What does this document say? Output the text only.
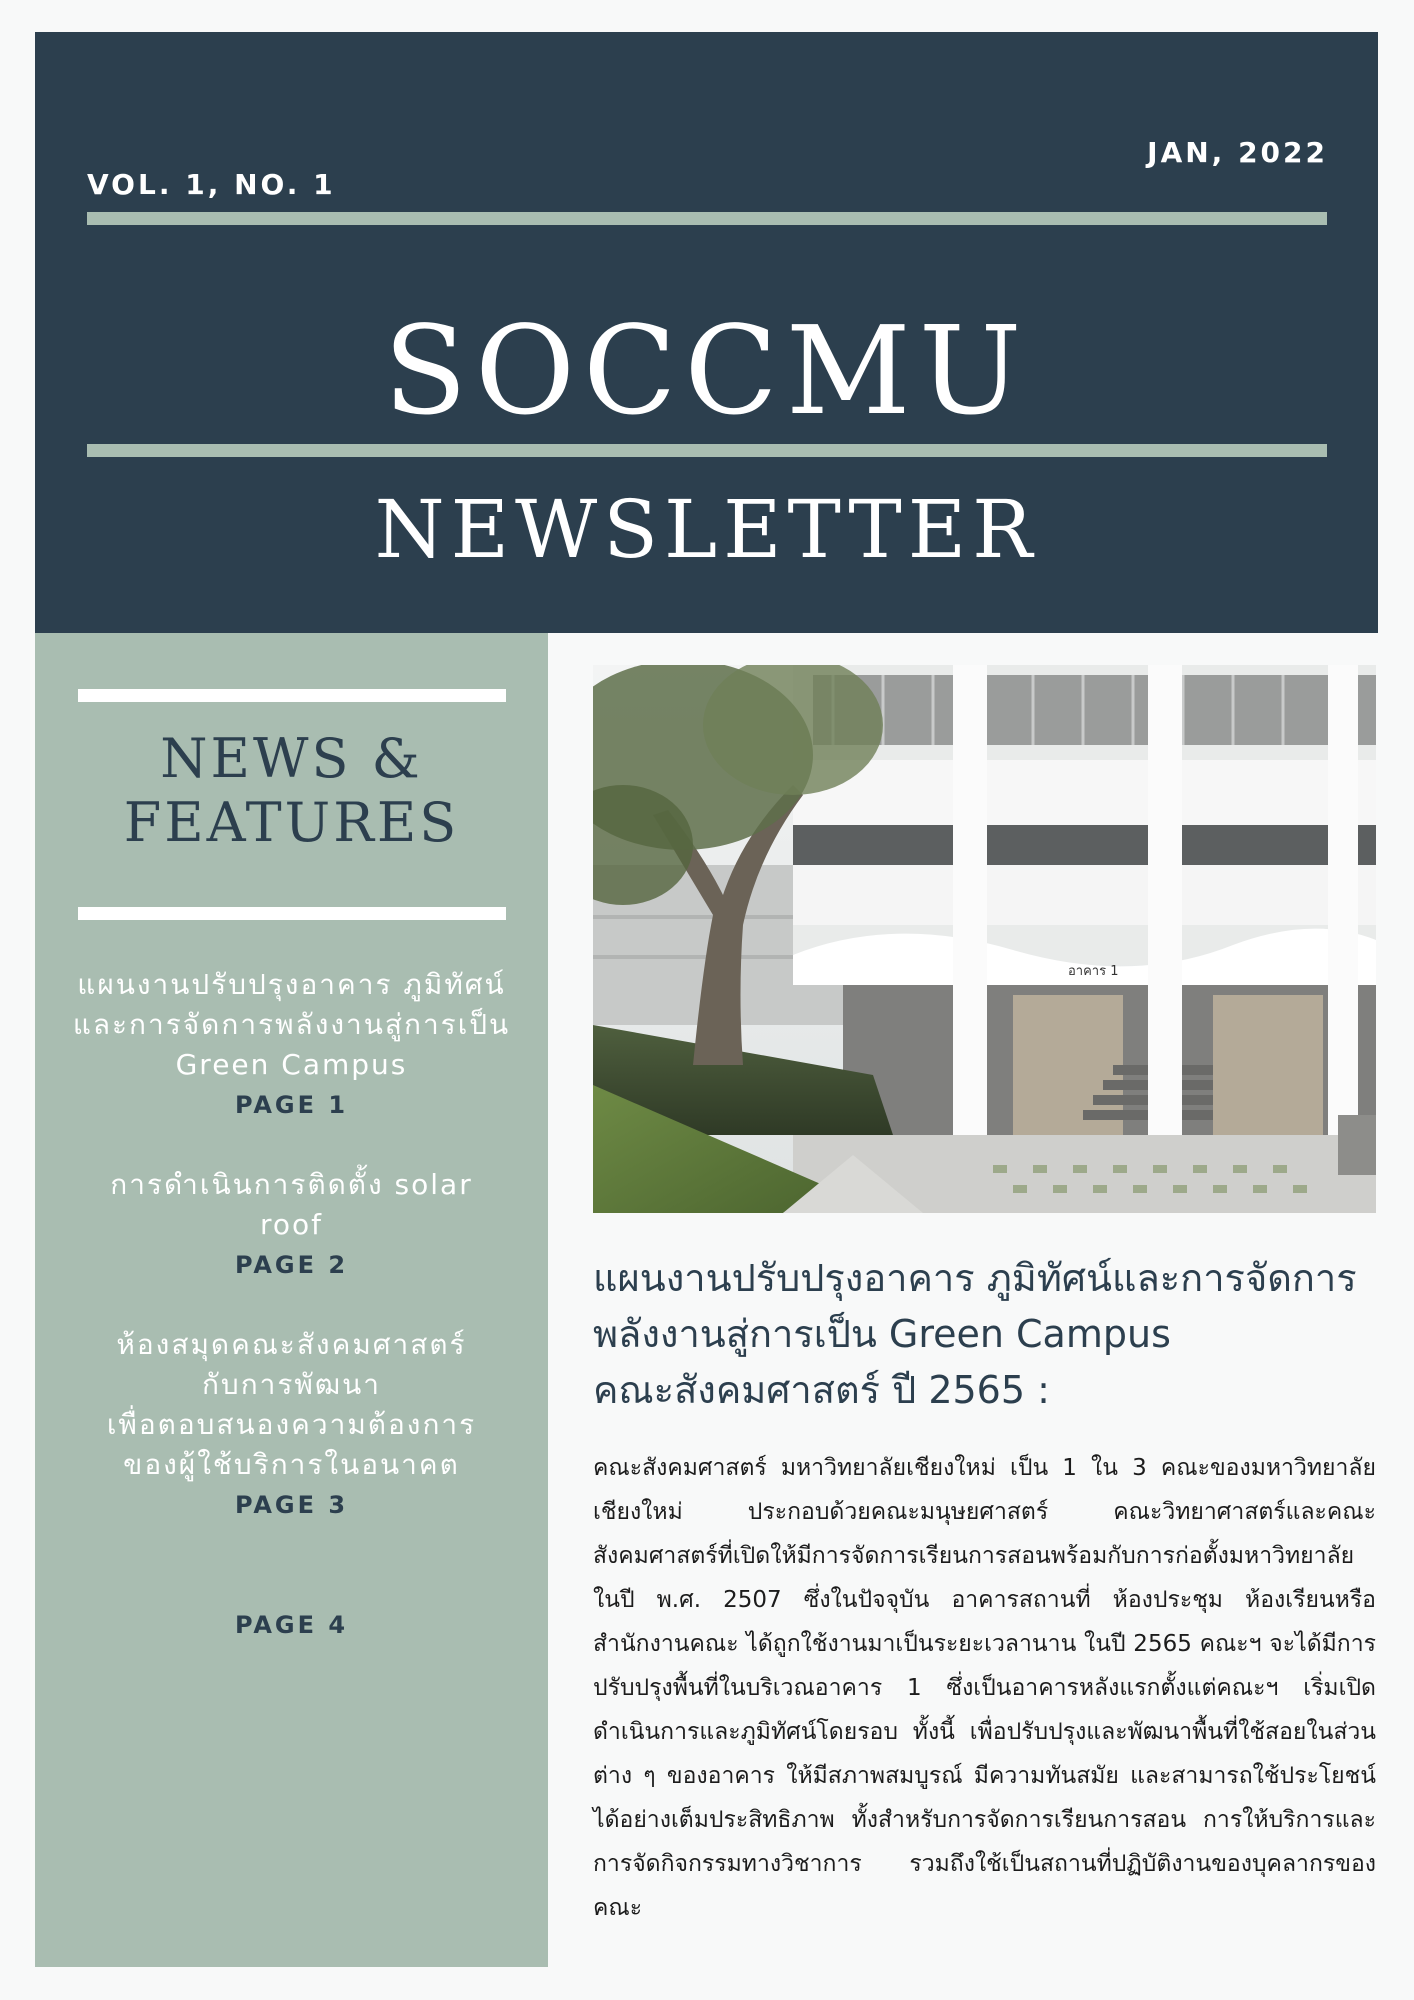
VOL. 1, NO. 1
JAN, 2022
SOCCMU
NEWSLETTER
NEWS &
FEATURES
แผนงานปรับปรุงอาคาร ภูมิทัศน์
และการจัดการพลังงานสู่การเป็น
Green Campus
PAGE 1
การดำเนินการติดตั้ง solar
roof
PAGE 2
ห้องสมุดคณะสังคมศาสตร์
กับการพัฒนา
เพื่อตอบสนองความต้องการ
ของผู้ใช้บริการในอนาคต
PAGE 3
PAGE 4
อาคาร 1
แผนงานปรับปรุงอาคาร ภูมิทัศน์และการจัดการ
พลังงานสู่การเป็น Green Campus
คณะสังคมศาสตร์ ปี 2565 :
คณะสังคมศาสตร์ มหาวิทยาลัยเชียงใหม่ เป็น 1 ใน 3 คณะของมหาวิทยาลัยเชียงใหม่ ประกอบด้วยคณะมนุษยศาสตร์ คณะวิทยาศาสตร์และคณะสังคมศาสตร์ที่เปิดให้มีการจัดการเรียนการสอนพร้อมกับการก่อตั้งมหาวิทยาลัยในปี พ.ศ. 2507 ซึ่งในปัจจุบัน อาคารสถานที่ ห้องประชุม ห้องเรียนหรือสำนักงานคณะ ได้ถูกใช้งานมาเป็นระยะเวลานาน ในปี 2565 คณะฯ จะได้มีการปรับปรุงพื้นที่ในบริเวณอาคาร 1 ซึ่งเป็นอาคารหลังแรกตั้งแต่คณะฯ เริ่มเปิดดำเนินการและภูมิทัศน์โดยรอบ ทั้งนี้ เพื่อปรับปรุงและพัฒนาพื้นที่ใช้สอยในส่วนต่าง ๆ ของอาคาร ให้มีสภาพสมบูรณ์ มีความทันสมัย และสามารถใช้ประโยชน์ได้อย่างเต็มประสิทธิภาพ ทั้งสำหรับการจัดการเรียนการสอน การให้บริการและการจัดกิจกรรมทางวิชาการ รวมถึงใช้เป็นสถานที่ปฏิบัติงานของบุคลากรของคณะ
